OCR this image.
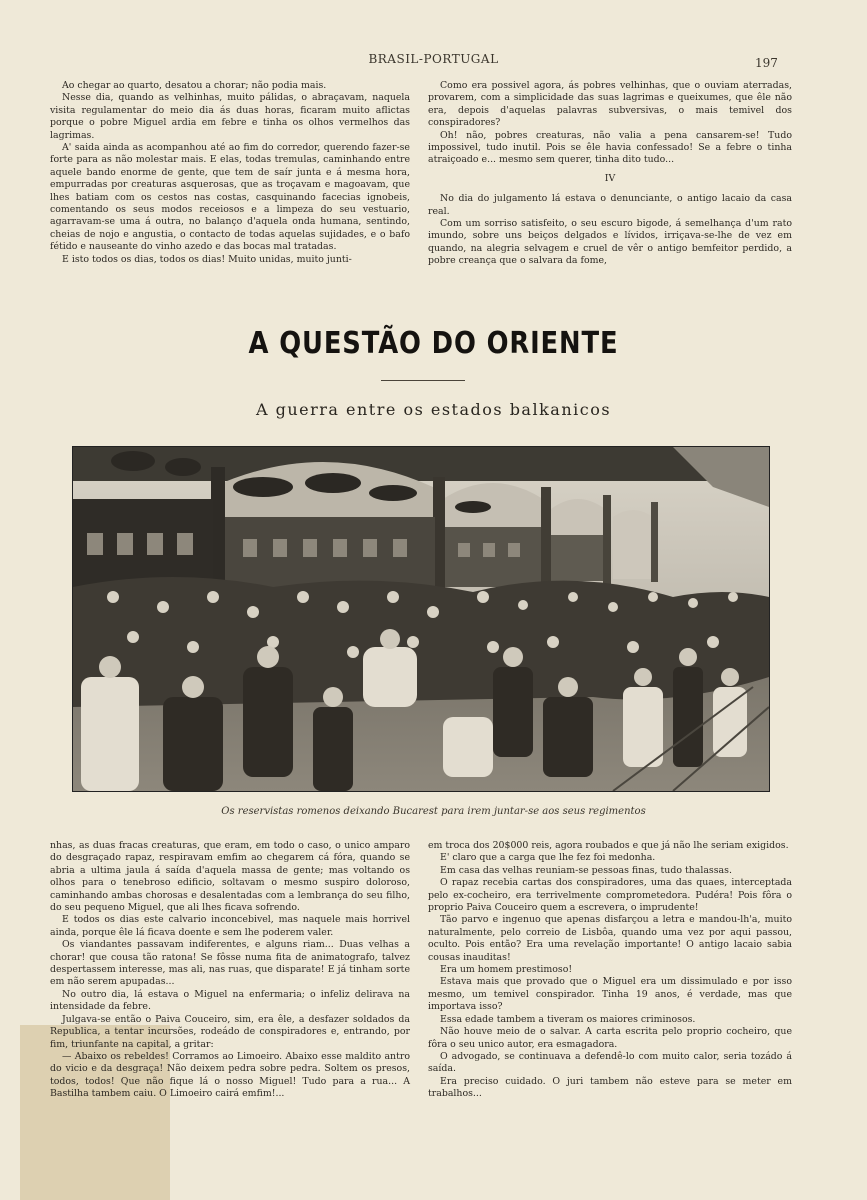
BRASIL-PORTUGAL	197

Ao chegar ao quarto, desatou a chorar; não podia mais.

Nesse dia, quando as velhinhas, muito pálidas, o abraçavam, naquela visita regulamentar do meio dia ás duas horas, ficaram muito aflictas porque o pobre Miguel ardia em febre e tinha os olhos vermelhos das lagrimas.

A' saida ainda as acompanhou até ao fim do corredor, querendo fazer-se forte para as não molestar mais. E elas, todas tremulas, caminhando entre aquele bando enorme de gente, que tem de saír junta e á mesma hora, empurradas por creaturas asquerosas, que as troçavam e magoavam, que lhes batiam com os cestos nas costas, casquinando facecias ignobeis, comentando os seus modos receiosos e a limpeza do seu vestuario, agarravam-se uma á outra, no balanço d'aquela onda humana, sentindo, cheias de nojo e angustia, o contacto de todas aquelas sujidades, e o bafo fétido e nauseante do vinho azedo e das bocas mal tratadas.

E isto todos os dias, todos os dias! Muito unidas, muito junti-

Como era possivel agora, ás pobres velhinhas, que o ouviam aterradas, provarem, com a simplicidade das suas lagrimas e queixumes, que êle não era, depois d'aquelas palavras subversivas, o mais temivel dos conspiradores?

Oh! não, pobres creaturas, não valia a pena cansarem-se! Tudo impossivel, tudo inutil. Pois se êle havia confessado! Se a febre o tinha atraiçoado e... mesmo sem querer, tinha dito tudo...

IV

No dia do julgamento lá estava o denunciante, o antigo lacaio da casa real.

Com um sorriso satisfeito, o seu escuro bigode, á semelhança d'um rato imundo, sobre uns beiços delgados e lívidos, irriçava-se-lhe de vez em quando, na alegria selvagem e cruel de vêr o antigo bemfeitor perdido, a pobre creança que o salvara da fome,

A QUESTÃO DO ORIENTE
A guerra entre os estados balkanicos
Os reservistas romenos deixando Bucarest para irem juntar-se aos seus regimentos

nhas, as duas fracas creaturas, que eram, em todo o caso, o unico amparo do desgraçado rapaz, respiravam emfim ao chegarem cá fóra, quando se abria a ultima jaula á saída d'aquela massa de gente; mas voltando os olhos para o tenebroso edificio, soltavam o mesmo suspiro doloroso, caminhando ambas chorosas e desalentadas com a lembrança do seu filho, do seu pequeno Miguel, que ali lhes ficava sofrendo.

E todos os dias este calvario inconcebivel, mas naquele mais horrivel ainda, porque êle lá ficava doente e sem lhe poderem valer.

Os viandantes passavam indiferentes, e alguns riam... Duas velhas a chorar! que cousa tão ratona! Se fôsse numa fita de animatografo, talvez despertassem interesse, mas ali, nas ruas, que disparate! E já tinham sorte em não serem apupadas...

No outro dia, lá estava o Miguel na enfermaria; o infeliz delirava na intensidade da febre.

Julgava-se então o Paiva Couceiro, sim, era êle, a desfazer soldados da Republica, a tentar incursões, rodeádo de conspiradores e, entrando, por fim, triunfante na capital, a gritar:

— Abaixo os rebeldes! Corramos ao Limoeiro. Abaixo esse maldito antro do vicio e da desgraça! Não deixem pedra sobre pedra. Soltem os presos, todos, todos! Que não fique lá o nosso Miguel! Tudo para a rua... A Bastilha tambem caiu. O Limoeiro cairá emfim!...

em troca dos 20$000 reis, agora roubados e que já não lhe seriam exigidos.

E' claro que a carga que lhe fez foi medonha.

Em casa das velhas reuniam-se pessoas finas, tudo thalassas.

O rapaz recebia cartas dos conspiradores, uma das quaes, interceptada pelo ex-cocheiro, era terrivelmente comprometedora. Pudéra! Pois fôra o proprio Paiva Couceiro quem a escrevera, o imprudente!

Tão parvo e ingenuo que apenas disfarçou a letra e mandou-lh'a, muito naturalmente, pelo correio de Lisbôa, quando uma vez por aqui passou, oculto. Pois então? Era uma revelação importante! O antigo lacaio sabia cousas inauditas!

Era um homem prestimoso!

Estava mais que provado que o Miguel era um dissimulado e por isso mesmo, um temivel conspirador. Tinha 19 anos, é verdade, mas que importava isso?

Essa edade tambem a tiveram os maiores criminosos.

Não houve meio de o salvar. A carta escrita pelo proprio cocheiro, que fôra o seu unico autor, era esmagadora.

O advogado, se continuava a defendê-lo com muito calor, seria tozádo á saída.

Era preciso cuidado. O juri tambem não esteve para se meter em trabalhos...
